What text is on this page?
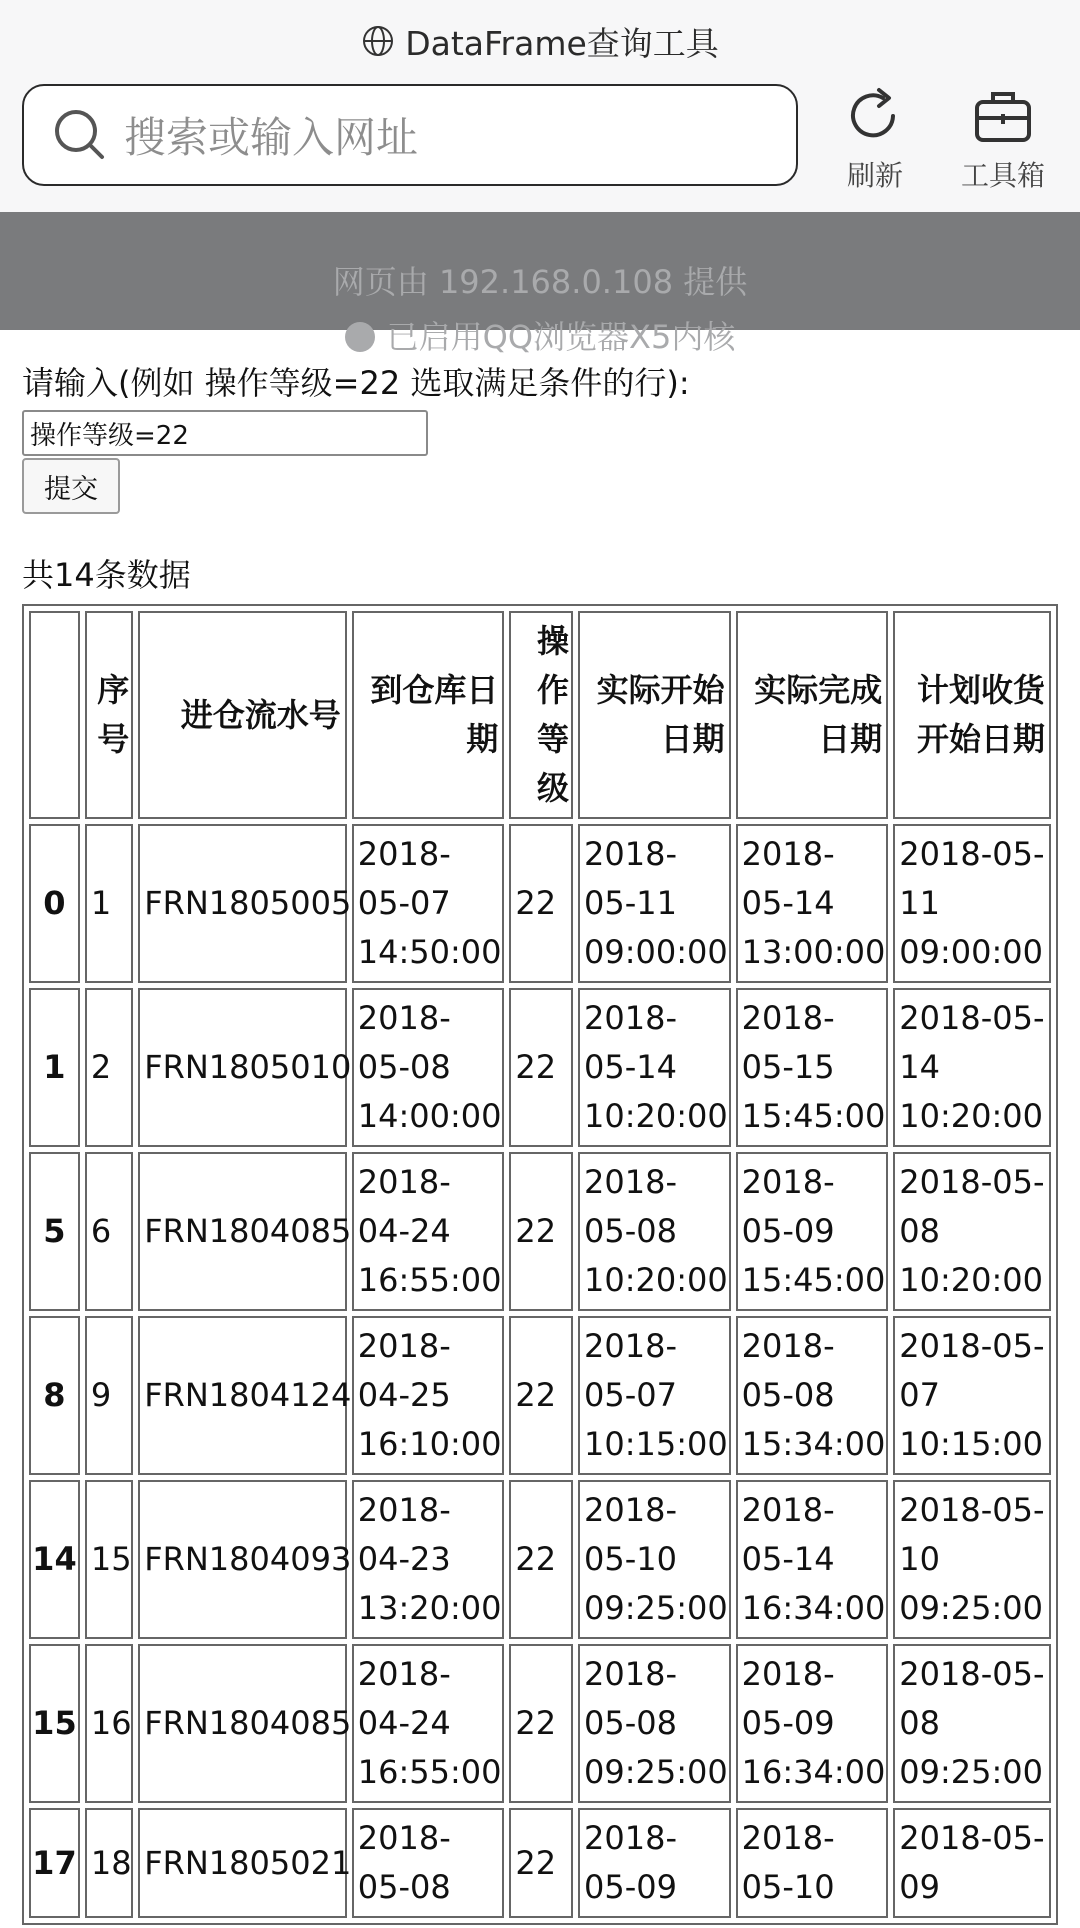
DataFrame查询工具
搜索或输入网址
刷新 工具箱
网页由 192.168.0.108 提供
已启用QQ浏览器X5内核
请输入(例如 操作等级=22 选取满足条件的行):
操作等级=22
提交
共14条数据
	序号	进仓流水号	到仓库日期	操作等级	实际开始日期	实际完成日期	计划收货开始日期
0	1	FRN1805005	2018-05-07 14:50:00	22	2018-05-11 09:00:00	2018-05-14 13:00:00	2018-05-11 09:00:00
1	2	FRN1805010	2018-05-08 14:00:00	22	2018-05-14 10:20:00	2018-05-15 15:45:00	2018-05-14 10:20:00
5	6	FRN1804085	2018-04-24 16:55:00	22	2018-05-08 10:20:00	2018-05-09 15:45:00	2018-05-08 10:20:00
8	9	FRN1804124	2018-04-25 16:10:00	22	2018-05-07 10:15:00	2018-05-08 15:34:00	2018-05-07 10:15:00
14	15	FRN1804093	2018-04-23 13:20:00	22	2018-05-10 09:25:00	2018-05-14 16:34:00	2018-05-10 09:25:00
15	16	FRN1804085	2018-04-24 16:55:00	22	2018-05-08 09:25:00	2018-05-09 16:34:00	2018-05-08 09:25:00
17	18	FRN1805021	2018-05-08	22	2018-05-09	2018-05-10	2018-05-09
